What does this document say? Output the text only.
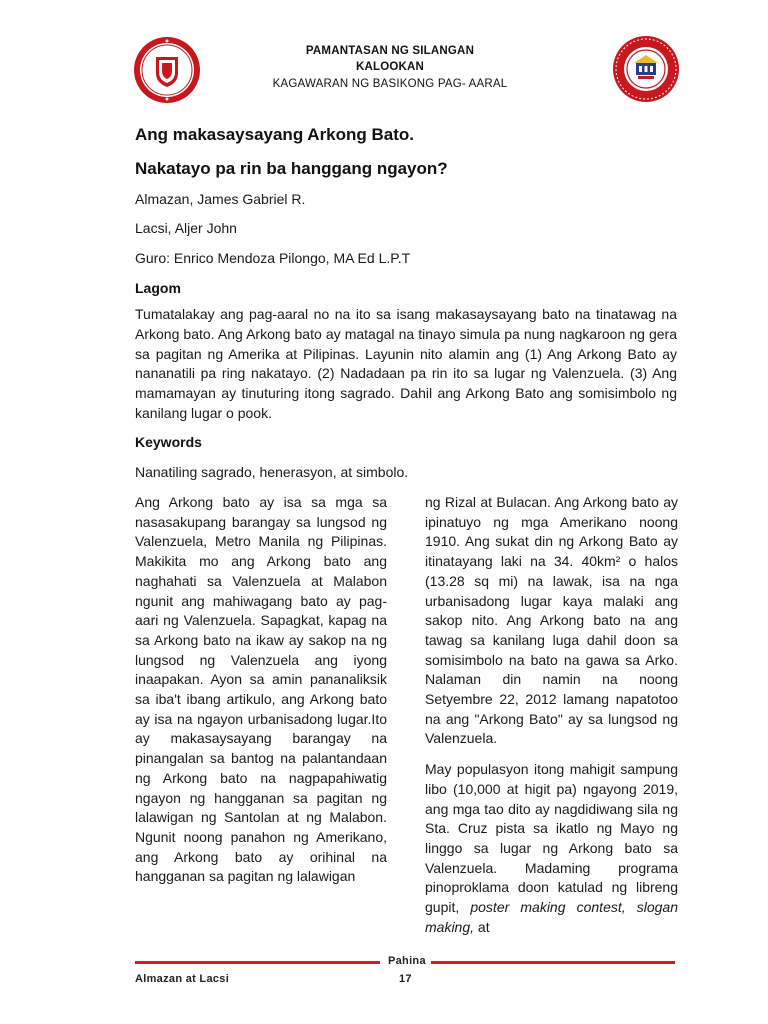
PAMANTASAN NG SILANGAN
KALOOKAN
KAGAWARAN NG BASIKONG PAG- AARAL
Ang makasaysayang Arkong Bato.
Nakatayo pa rin ba hanggang ngayon?
Almazan, James Gabriel R.
Lacsi, Aljer John
Guro: Enrico Mendoza Pilongo, MA Ed L.P.T
Lagom

Tumatalakay ang pag-aaral no na ito sa isang makasaysayang bato na tinatawag na Arkong bato. Ang Arkong bato ay matagal na tinayo simula pa nung nagkaroon ng gera sa pagitan ng Amerika at Pilipinas. Layunin nito alamin ang (1) Ang Arkong Bato ay nananatili pa ring nakatayo. (2) Nadadaan pa rin ito sa lugar ng Valenzuela. (3) Ang mamamayan ay tinuturing itong sagrado. Dahil ang Arkong Bato ang somisimbolo ng kanilang lugar o pook.

Keywords
Nanatiling sagrado, henerasyon, at simbolo.

Ang Arkong bato ay isa sa mga sa nasasakupang barangay sa lungsod ng Valenzuela, Metro Manila ng Pilipinas. Makikita mo ang Arkong bato ang naghahati sa Valenzuela at Malabon ngunit ang mahiwagang bato ay pag-aari ng Valenzuela. Sapagkat, kapag na sa Arkong bato na ikaw ay sakop na ng lungsod ng Valenzuela ang iyong inaapakan. Ayon sa amin pananaliksik sa iba't ibang artikulo, ang Arkong bato ay isa na ngayon urbanisadong lugar.Ito ay makasaysayang barangay na pinangalan sa bantog na palantandaan ng Arkong bato na nagpapahiwatig ngayon ng hangganan sa pagitan ng lalawigan ng Santolan at ng Malabon. Ngunit noong panahon ng Amerikano, ang Arkong bato ay orihinal na hangganan sa pagitan ng lalawigan

ng Rizal at Bulacan. Ang Arkong bato ay ipinatuyo ng mga Amerikano noong 1910. Ang sukat din ng Arkong Bato ay itinatayang laki na 34. 40km² o halos (13.28 sq mi) na lawak, isa na nga urbanisadong lugar kaya malaki ang sakop nito. Ang Arkong bato na ang tawag sa kanilang luga dahil doon sa somisimbolo na bato na gawa sa Arko. Nalaman din namin na noong Setyembre 22, 2012 lamang napatotoo na ang "Arkong Bato" ay sa lungsod ng Valenzuela.

May populasyon itong mahigit sampung libo (10,000 at higit pa) ngayong 2019, ang mga tao dito ay nagdidiwang sila ng Sta. Cruz pista sa ikatlo ng Mayo ng linggo sa lugar ng Arkong bato sa Valenzuela. Madaming programa pinoproklama doon katulad ng libreng gupit, poster making contest, slogan making, at

Pahina
17
Almazan at Lacsi
